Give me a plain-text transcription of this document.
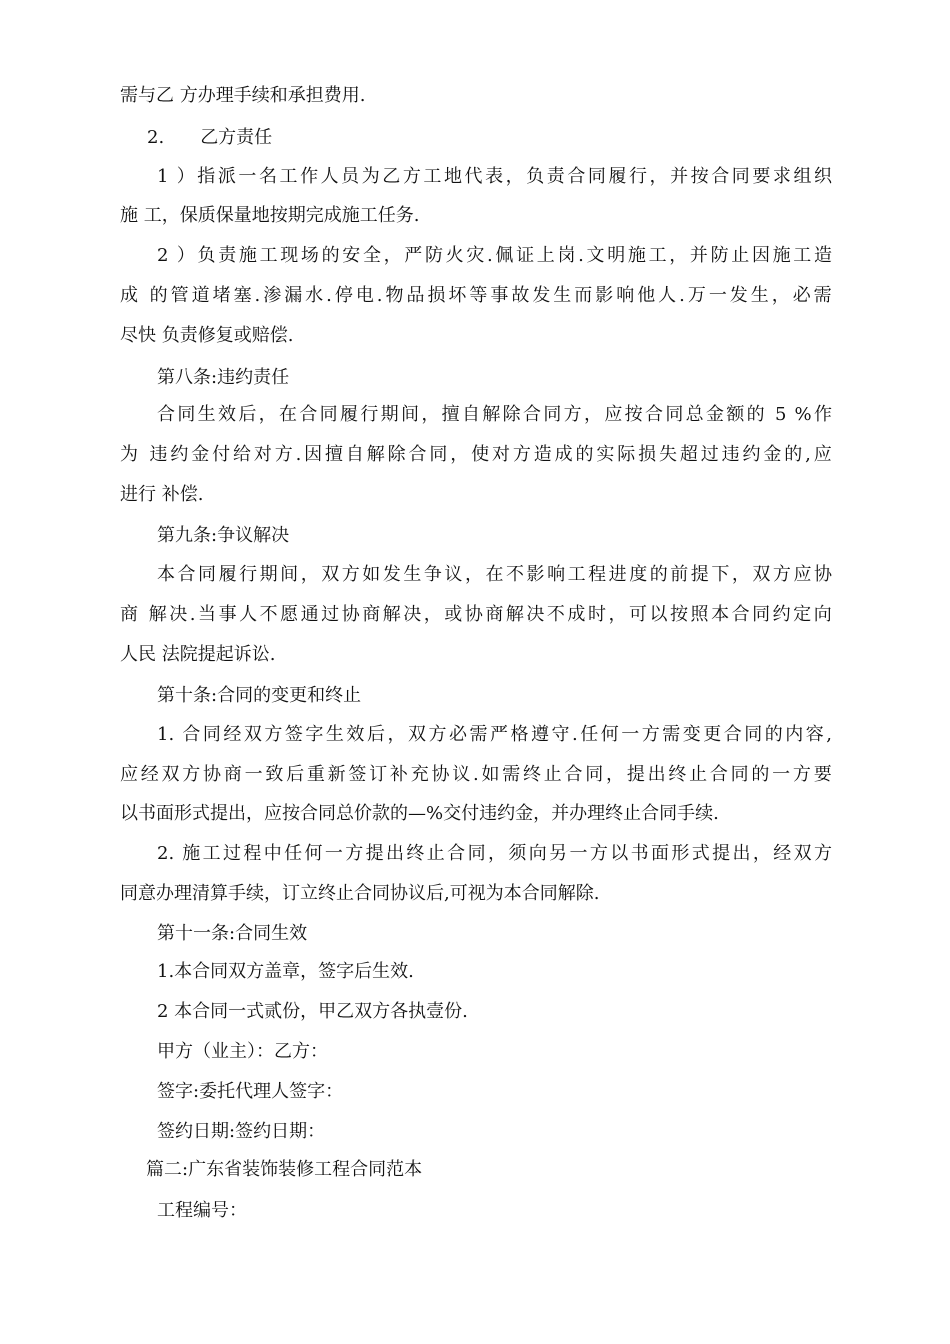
需与乙 方办理手续和承担费用.
2. 乙方责任
1 ）指派一名工作人员为乙方工地代表，负责合同履行，并按合同要求组织
施 工，保质保量地按期完成施工任务.
2 ）负责施工现场的安全，严防火灾.佩证上岗.文明施工，并防止因施工造
成 的管道堵塞.渗漏水.停电.物品损坏等事故发生而影响他人.万一发生，必需
尽快 负责修复或赔偿.
第八条:违约责任
合同生效后，在合同履行期间，擅自解除合同方，应按合同总金额的 5 %作
为 违约金付给对方.因擅自解除合同，使对方造成的实际损失超过违约金的,应
进行 补偿.
第九条:争议解决
本合同履行期间，双方如发生争议，在不影响工程进度的前提下，双方应协
商 解决.当事人不愿通过协商解决，或协商解决不成时，可以按照本合同约定向
人民 法院提起诉讼.
第十条:合同的变更和终止
1. 合同经双方签字生效后，双方必需严格遵守.任何一方需变更合同的内容,
应经双方协商一致后重新签订补充协议.如需终止合同，提出终止合同的一方要
以书面形式提出，应按合同总价款的—%交付违约金，并办理终止合同手续.
2. 施工过程中任何一方提出终止合同，须向另一方以书面形式提出，经双方
同意办理清算手续，订立终止合同协议后,可视为本合同解除.
第十一条:合同生效
1.本合同双方盖章，签字后生效.
2 本合同一式贰份，甲乙双方各执壹份.
甲方（业主）：乙方：
签字:委托代理人签字：
签约日期:签约日期：
篇二:广东省装饰装修工程合同范本
工程编号：
